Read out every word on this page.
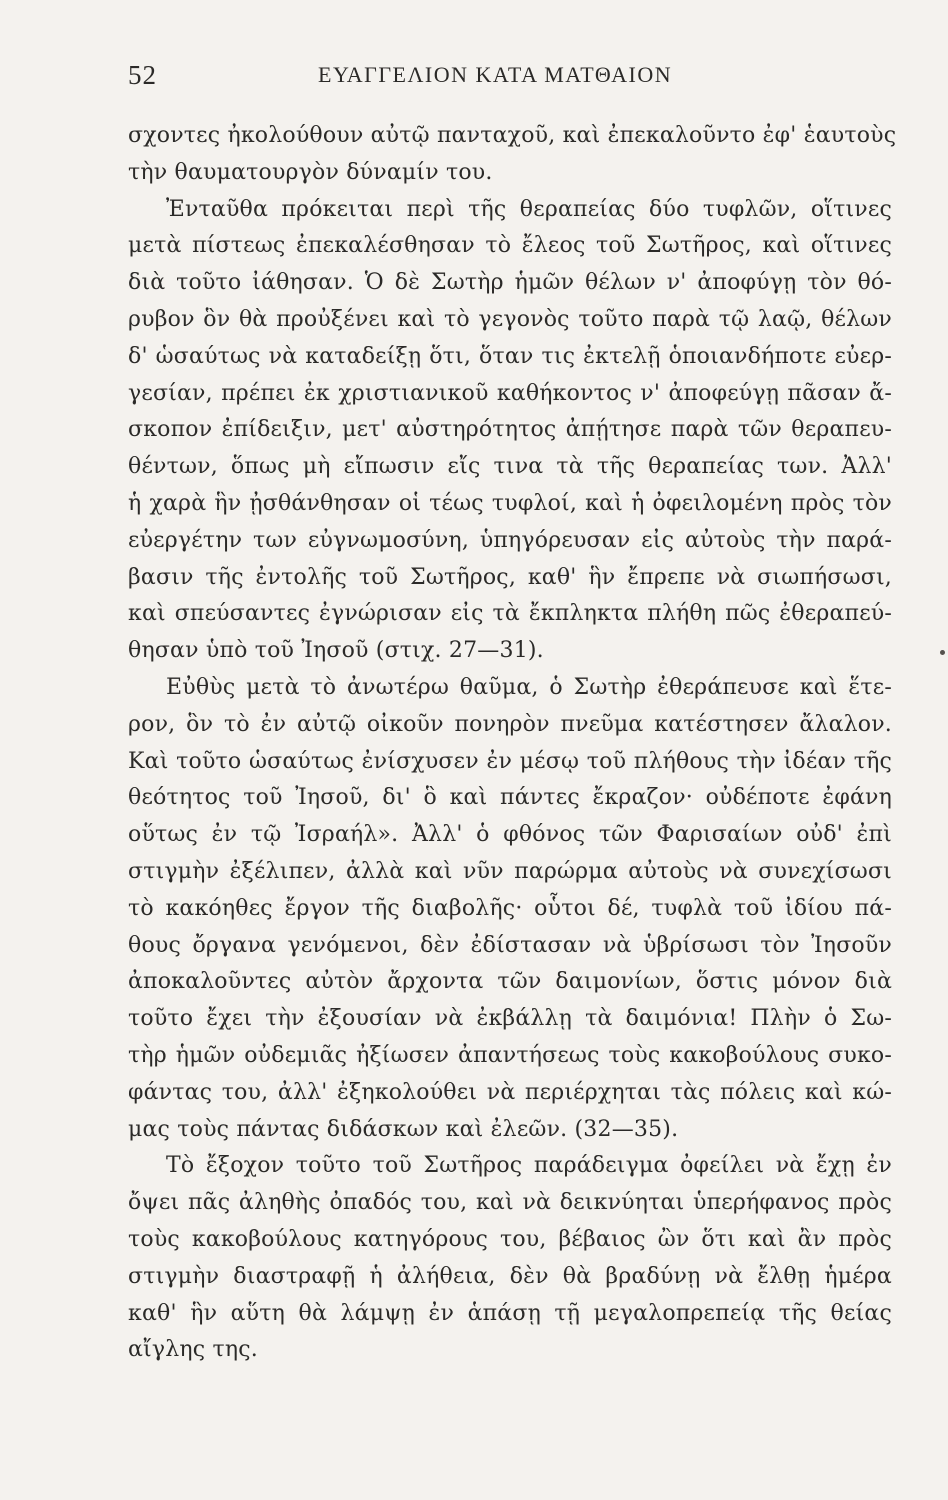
52	ΕΥΑΓΓΕΛΙΟΝ ΚΑΤΑ ΜΑΤΘΑΙΟΝ
σχοντες ἠκολούθουν αὐτῷ πανταχοῦ, καὶ ἐπεκαλοῦντο ἐφ' ἑαυτοὺς
τὴν θαυματουργὸν δύναμίν του.
Ἐνταῦθα πρόκειται περὶ τῆς θεραπείας δύο τυφλῶν, οἵτινες
μετὰ πίστεως ἐπεκαλέσθησαν τὸ ἔλεος τοῦ Σωτῆρος, καὶ οἵτινες
διὰ τοῦτο ἰάθησαν. Ὁ δὲ Σωτὴρ ἡμῶν θέλων ν' ἀποφύγῃ τὸν θό-
ρυβον ὃν θὰ προὐξένει καὶ τὸ γεγονὸς τοῦτο παρὰ τῷ λαῷ, θέλων
δ' ὡσαύτως νὰ καταδείξῃ ὅτι, ὅταν τις ἐκτελῇ ὁποιανδήποτε εὐερ-
γεσίαν, πρέπει ἐκ χριστιανικοῦ καθήκοντος ν' ἀποφεύγῃ πᾶσαν ἄ-
σκοπον ἐπίδειξιν, μετ' αὐστηρότητος ἀπῄτησε παρὰ τῶν θεραπευ-
θέντων, ὅπως μὴ εἴπωσιν εἴς τινα τὰ τῆς θεραπείας των. Ἀλλ'
ἡ χαρὰ ἣν ᾐσθάνθησαν οἱ τέως τυφλοί, καὶ ἡ ὀφειλομένη πρὸς τὸν
εὐεργέτην των εὐγνωμοσύνη, ὑπηγόρευσαν εἰς αὐτοὺς τὴν παρά-
βασιν τῆς ἐντολῆς τοῦ Σωτῆρος, καθ' ἣν ἔπρεπε νὰ σιωπήσωσι,
καὶ σπεύσαντες ἐγνώρισαν εἰς τὰ ἔκπληκτα πλήθη πῶς ἐθεραπεύ-
θησαν ὑπὸ τοῦ Ἰησοῦ (στιχ. 27—31).
Εὐθὺς μετὰ τὸ ἀνωτέρω θαῦμα, ὁ Σωτὴρ ἐθεράπευσε καὶ ἕτε-
ρον, ὃν τὸ ἐν αὐτῷ οἰκοῦν πονηρὸν πνεῦμα κατέστησεν ἄλαλον.
Καὶ τοῦτο ὡσαύτως ἐνίσχυσεν ἐν μέσῳ τοῦ πλήθους τὴν ἰδέαν τῆς
θεότητος τοῦ Ἰησοῦ, δι' ὃ καὶ πάντες ἔκραζον· οὐδέποτε ἐφάνη
οὕτως ἐν τῷ Ἰσραήλ». Ἀλλ' ὁ φθόνος τῶν Φαρισαίων οὐδ' ἐπὶ
στιγμὴν ἐξέλιπεν, ἀλλὰ καὶ νῦν παρώρμα αὐτοὺς νὰ συνεχίσωσι
τὸ κακόηθες ἔργον τῆς διαβολῆς· οὗτοι δέ, τυφλὰ τοῦ ἰδίου πά-
θους ὄργανα γενόμενοι, δὲν ἐδίστασαν νὰ ὑβρίσωσι τὸν Ἰησοῦν
ἀποκαλοῦντες αὐτὸν ἄρχοντα τῶν δαιμονίων, ὅστις μόνον διὰ
τοῦτο ἔχει τὴν ἐξουσίαν νὰ ἐκβάλλῃ τὰ δαιμόνια! Πλὴν ὁ Σω-
τὴρ ἡμῶν οὐδεμιᾶς ἠξίωσεν ἀπαντήσεως τοὺς κακοβούλους συκο-
φάντας του, ἀλλ' ἐξηκολούθει νὰ περιέρχηται τὰς πόλεις καὶ κώ-
μας τοὺς πάντας διδάσκων καὶ ἐλεῶν. (32—35).
Τὸ ἔξοχον τοῦτο τοῦ Σωτῆρος παράδειγμα ὀφείλει νὰ ἔχῃ ἐν
ὄψει πᾶς ἀληθὴς ὀπαδός του, καὶ νὰ δεικνύηται ὑπερήφανος πρὸς
τοὺς κακοβούλους κατηγόρους του, βέβαιος ὢν ὅτι καὶ ἂν πρὸς
στιγμὴν διαστραφῇ ἡ ἀλήθεια, δὲν θὰ βραδύνῃ νὰ ἔλθῃ ἡμέρα
καθ' ἣν αὕτη θὰ λάμψῃ ἐν ἁπάσῃ τῇ μεγαλοπρεπείᾳ τῆς θείας
αἴγλης της.
